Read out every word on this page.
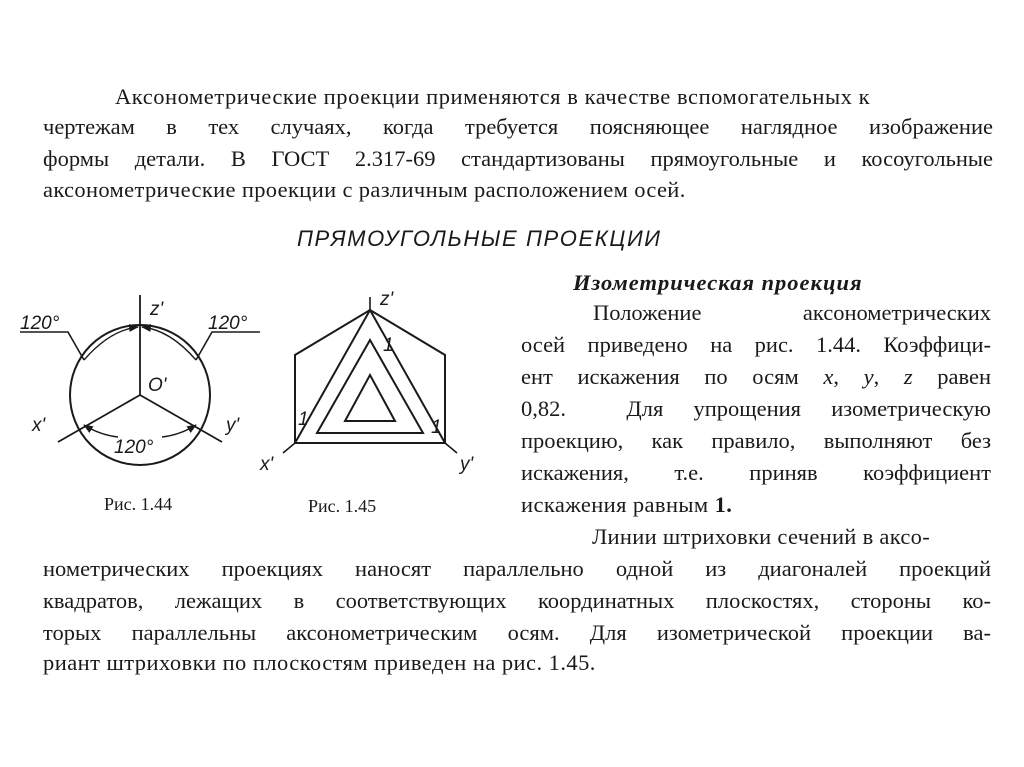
Аксонометрические проекции применяются в качестве вспомогательных к

чертежам в тех случаях, когда требуется поясняющее наглядное изображение

формы детали. В ГОСТ 2.317-69 стандартизованы прямоугольные и косоугольные

аксонометрические проекции с различным расположением осей.

ПРЯМОУГОЛЬНЫЕ ПРОЕКЦИИ
Изометрическая проекция

Положение аксонометрических

осей приведено на рис. 1.44. Коэффици-

ент искажения по осям x, y, z равен

0,82.  Для упрощения изометрическую

проекцию, как правило, выполняют без

искажения, т.е. приняв коэффициент

искажения равным 1.

Линии штриховки сечений в аксо-

нометрических проекциях наносят параллельно одной из диагоналей проекций

квадратов, лежащих в соответствующих координатных плоскостях, стороны ко-

торых параллельны аксонометрическим осям. Для изометрической проекции ва-

риант штриховки по плоскостям приведен на рис. 1.45.

120°	120°
120°
z'
x'	y'
O'
Рис. 1.44
1
1	1
z'
x'	y'
Рис. 1.45
